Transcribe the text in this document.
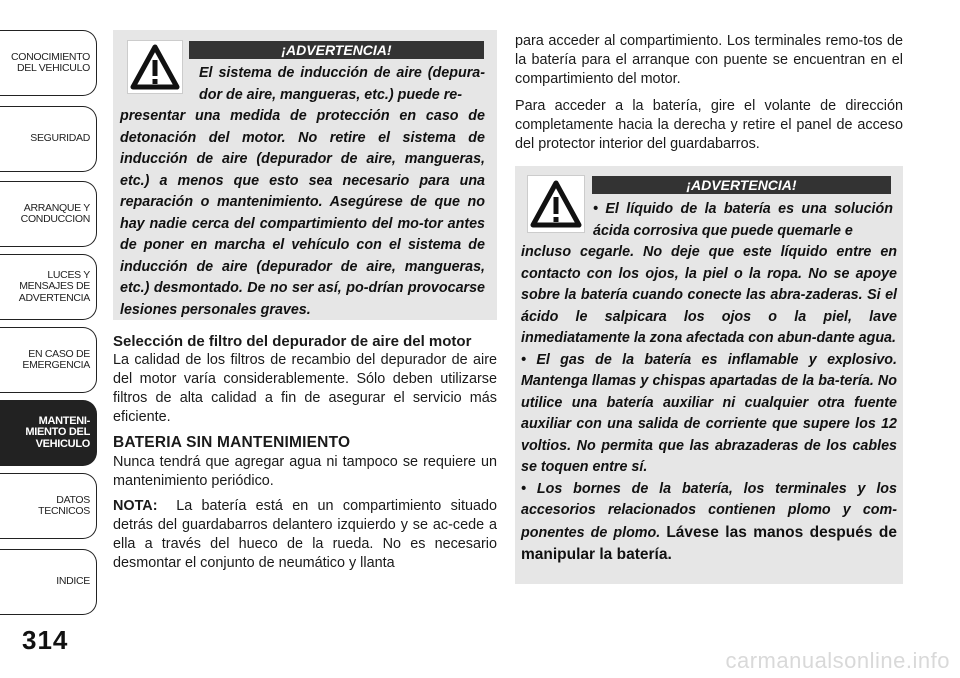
CONOCIMIENTO
DEL VEHICULO
SEGURIDAD
ARRANQUE Y
CONDUCCION
LUCES Y
MENSAJES DE
ADVERTENCIA
EN CASO DE
EMERGENCIA
MANTENI-
MIENTO DEL
VEHICULO
DATOS
TECNICOS
INDICE
314
¡ADVERTENCIA!

El sistema de inducción de aire (depura-dor de aire, mangueras, etc.) puede re-

presentar una medida de protección en caso de detonación del motor. No retire el sistema de inducción de aire (depurador de aire, mangueras, etc.) a menos que esto sea necesario para una reparación o mantenimiento. Asegúrese de que no hay nadie cerca del compartimiento del mo-tor antes de poner en marcha el vehículo con el sistema de inducción de aire (depurador de aire, mangueras, etc.) desmontado. De no ser así, po-drían provocarse lesiones personales graves.

Selección de filtro del depurador de aire del motor

La calidad de los filtros de recambio del depurador de aire del motor varía considerablemente. Sólo deben utilizarse filtros de alta calidad a fin de asegurar el servicio más eficiente.

BATERIA SIN MANTENIMIENTO

Nunca tendrá que agregar agua ni tampoco se requiere un mantenimiento periódico.

NOTA: La batería está en un compartimiento situado detrás del guardabarros delantero izquierdo y se ac-cede a ella a través del hueco de la rueda. No es necesario desmontar el conjunto de neumático y llanta

para acceder al compartimiento. Los terminales remo-tos de la batería para el arranque con puente se encuentran en el compartimiento del motor.

Para acceder a la batería, gire el volante de dirección completamente hacia la derecha y retire el panel de acceso del protector interior del guardabarros.

¡ADVERTENCIA!

• El líquido de la batería es una solución ácida corrosiva que puede quemarle e

incluso cegarle. No deje que este líquido entre en contacto con los ojos, la piel o la ropa. No se apoye sobre la batería cuando conecte las abra-zaderas. Si el ácido le salpicara los ojos o la piel, lave inmediatamente la zona afectada con abun-dante agua.

• El gas de la batería es inflamable y explosivo. Mantenga llamas y chispas apartadas de la ba-tería. No utilice una batería auxiliar ni cualquier otra fuente auxiliar con una salida de corriente que supere los 12 voltios. No permita que las abrazaderas de los cables se toquen entre sí.

• Los bornes de la batería, los terminales y los accesorios relacionados contienen plomo y com-ponentes de plomo. Lávese las manos después de manipular la batería.

carmanualsonline.info
